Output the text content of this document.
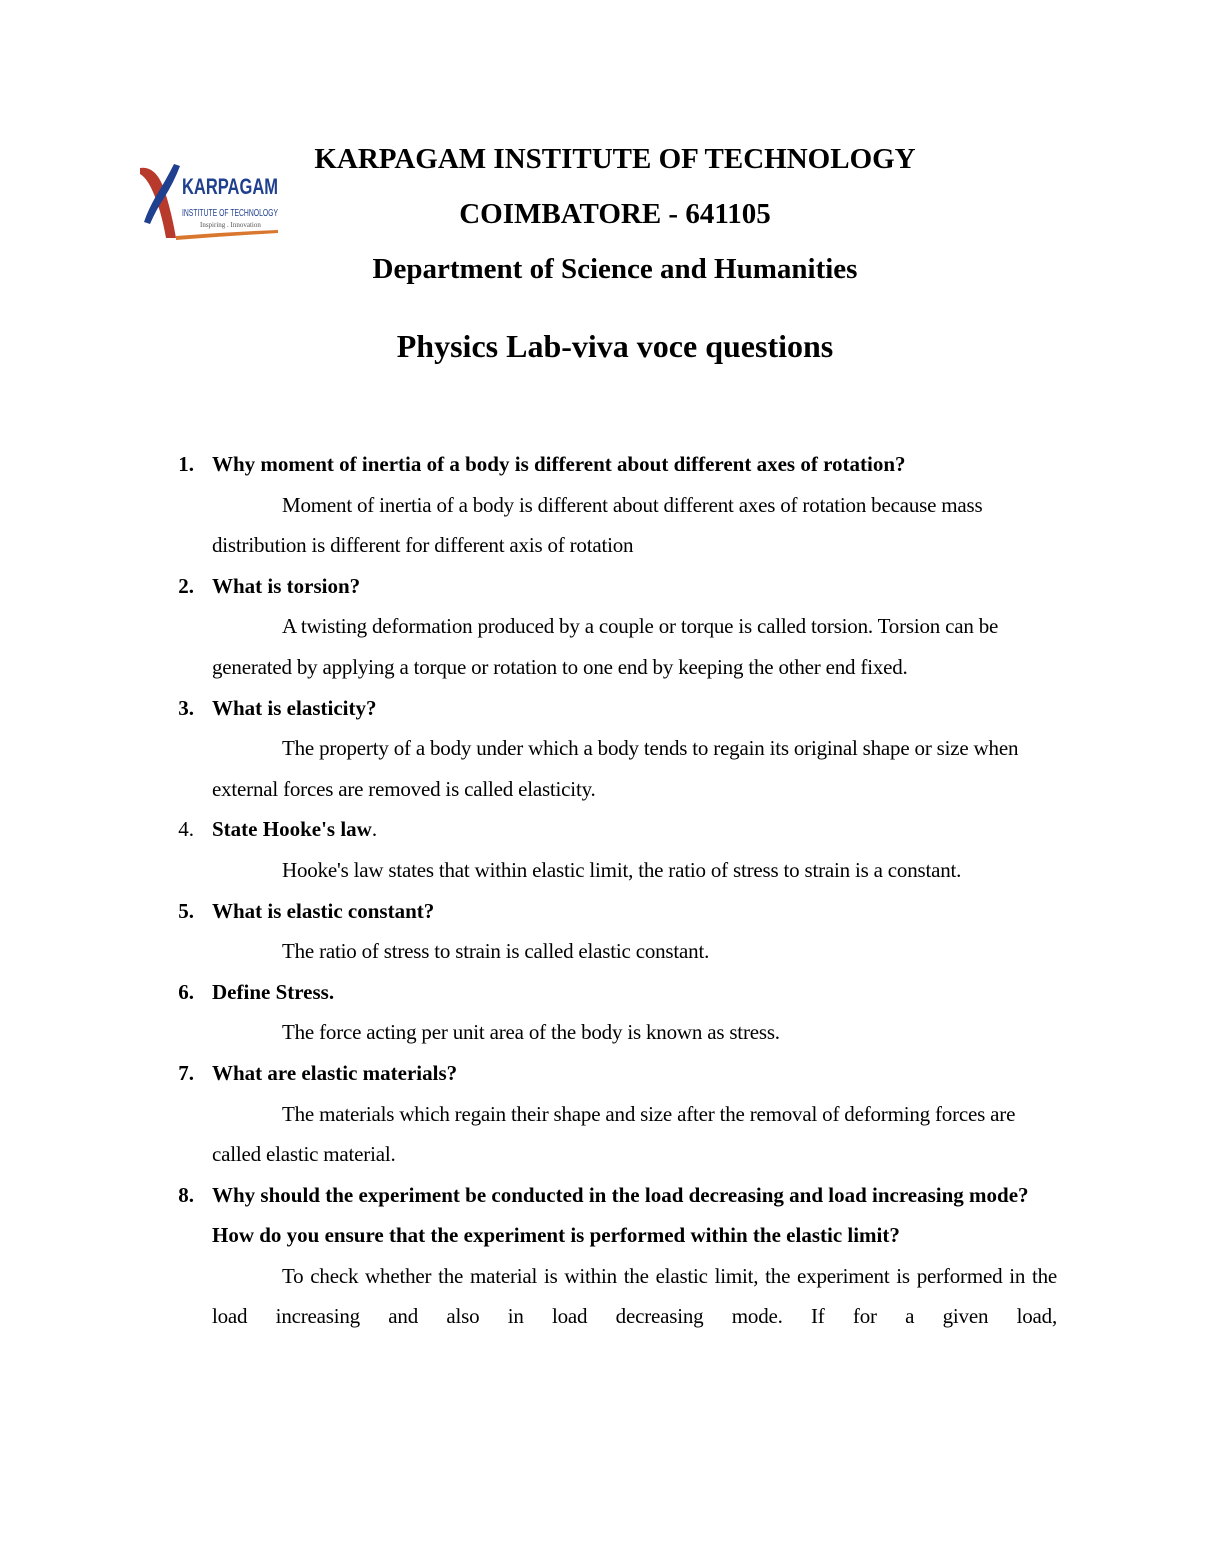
KARPAGAM
INSTITUTE OF TECHNOLOGY
Inspiring . Innovation
KARPAGAM INSTITUTE OF TECHNOLOGY
COIMBATORE - 641105
Department of Science and Humanities
Physics Lab-viva voce questions
1. Why moment of inertia of a body is different about different axes of rotation?
Moment of inertia of a body is different about different axes of rotation because mass distribution is different for different axis of rotation
2. What is torsion?
A twisting deformation produced by a couple or torque is called torsion. Torsion can be generated by applying a torque or rotation to one end by keeping the other end fixed.
3. What is elasticity?
The property of a body under which a body tends to regain its original shape or size when external forces are removed is called elasticity.
4. State Hooke's law.
Hooke's law states that within elastic limit, the ratio of stress to strain is a constant.
5. What is elastic constant?
The ratio of stress to strain is called elastic constant.
6. Define Stress.
The force acting per unit area of the body is known as stress.
7. What are elastic materials?
The materials which regain their shape and size after the removal of deforming forces are called elastic material.
8. Why should the experiment be conducted in the load decreasing and load increasing mode? How do you ensure that the experiment is performed within the elastic limit?
To check whether the material is within the elastic limit, the experiment is performed in the load increasing and also in load decreasing mode. If for a given load,
